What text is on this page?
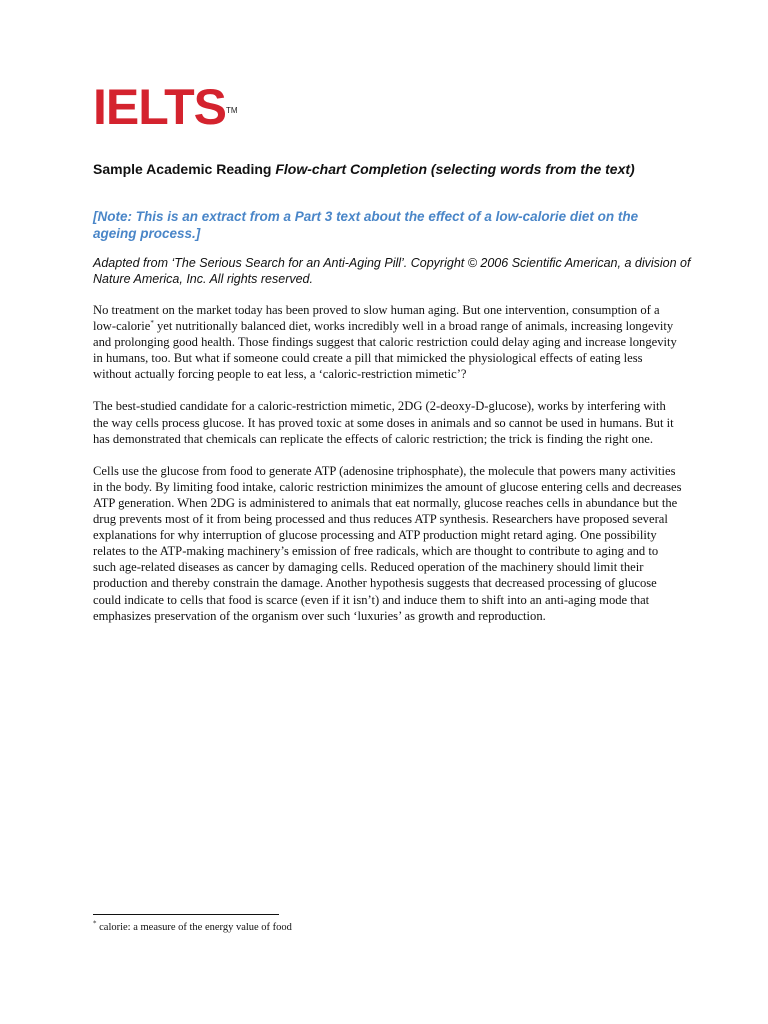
IELTS™
Sample Academic Reading Flow-chart Completion (selecting words from the text)
[Note: This is an extract from a Part 3 text about the effect of a low-calorie diet on the ageing process.]
Adapted from ‘The Serious Search for an Anti-Aging Pill’. Copyright © 2006 Scientific American, a division of Nature America, Inc. All rights reserved.

No treatment on the market today has been proved to slow human aging. But one intervention, consumption of a low-calorie* yet nutritionally balanced diet, works incredibly well in a broad range of animals, increasing longevity and prolonging good health. Those findings suggest that caloric restriction could delay aging and increase longevity in humans, too. But what if someone could create a pill that mimicked the physiological effects of eating less without actually forcing people to eat less, a ‘caloric-restriction mimetic’?

The best-studied candidate for a caloric-restriction mimetic, 2DG (2-deoxy-D-glucose), works by interfering with the way cells process glucose. It has proved toxic at some doses in animals and so cannot be used in humans. But it has demonstrated that chemicals can replicate the effects of caloric restriction; the trick is finding the right one.

Cells use the glucose from food to generate ATP (adenosine triphosphate), the molecule that powers many activities in the body. By limiting food intake, caloric restriction minimizes the amount of glucose entering cells and decreases ATP generation. When 2DG is administered to animals that eat normally, glucose reaches cells in abundance but the drug prevents most of it from being processed and thus reduces ATP synthesis. Researchers have proposed several explanations for why interruption of glucose processing and ATP production might retard aging. One possibility relates to the ATP-making machinery’s emission of free radicals, which are thought to contribute to aging and to such age-related diseases as cancer by damaging cells. Reduced operation of the machinery should limit their production and thereby constrain the damage. Another hypothesis suggests that decreased processing of glucose could indicate to cells that food is scarce (even if it isn’t) and induce them to shift into an anti-aging mode that emphasizes preservation of the organism over such ‘luxuries’ as growth and reproduction.

* calorie: a measure of the energy value of food
